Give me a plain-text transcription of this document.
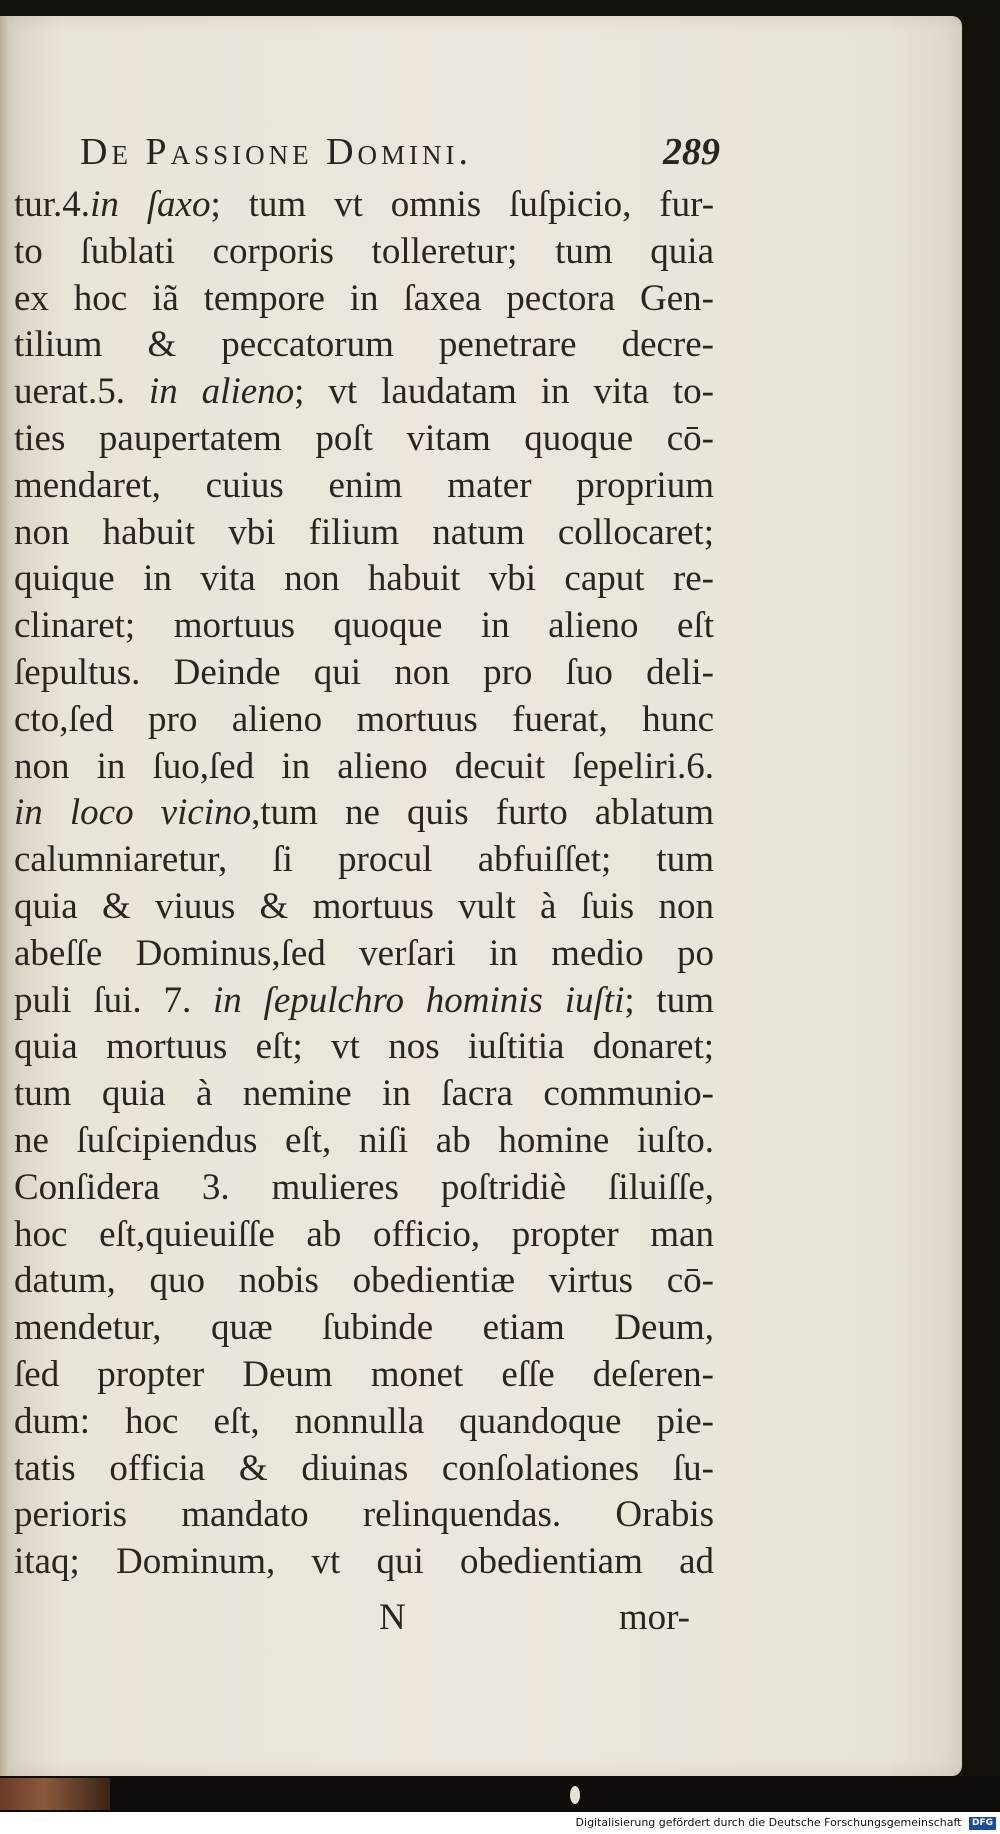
De Passione Domini.	289
tur.4.in ſaxo; tum vt omnis ſuſpicio, fur-
to ſublati corporis tolleretur; tum quia
ex hoc iã tempore in ſaxea pectora Gen-
tilium & peccatorum penetrare decre-
uerat.5. in alieno; vt laudatam in vita to-
ties paupertatem poſt vitam quoque cō-
mendaret, cuius enim mater proprium
non habuit vbi filium natum collocaret;
quique in vita non habuit vbi caput re-
clinaret; mortuus quoque in alieno eſt
ſepultus. Deinde qui non pro ſuo deli-
cto,ſed pro alieno mortuus fuerat, hunc
non in ſuo,ſed in alieno decuit ſepeliri.6.
in loco vicino,tum ne quis furto ablatum
calumniaretur, ſi procul abfuiſſet; tum
quia & viuus & mortuus vult à ſuis non
abeſſe Dominus,ſed verſari in medio po
puli ſui. 7. in ſepulchro hominis iuſti; tum
quia mortuus eſt; vt nos iuſtitia donaret;
tum quia à nemine in ſacra communio-
ne ſuſcipiendus eſt, niſi ab homine iuſto.
Conſidera 3. mulieres poſtridiè ſiluiſſe,
hoc eſt,quieuiſſe ab officio, propter man
datum, quo nobis obedientiæ virtus cō-
mendetur, quæ ſubinde etiam Deum,
ſed propter Deum monet eſſe deſeren-
dum: hoc eſt, nonnulla quandoque pie-
tatis officia & diuinas conſolationes ſu-
perioris mandato relinquendas. Orabis
itaq; Dominum, vt qui obedientiam ad
N	mor-
Digitalisierung gefördert durch die Deutsche Forschungsgemeinschaft DFG
